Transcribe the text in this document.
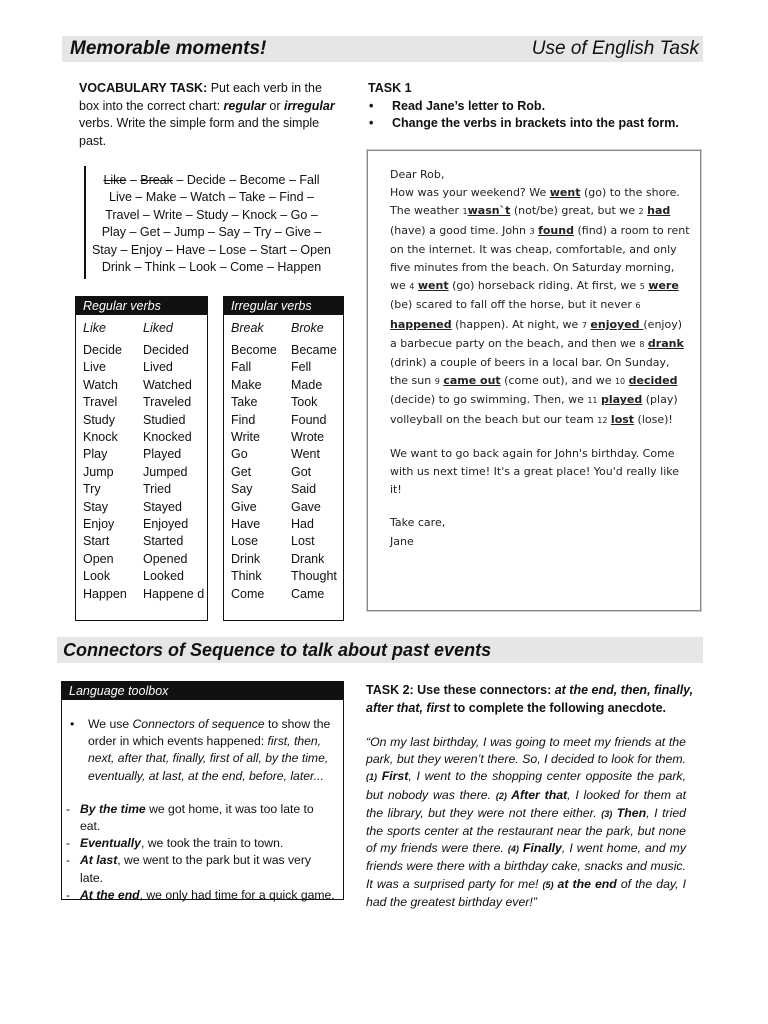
Memorable moments!	Use of English Task
VOCABULARY TASK: Put each verb in the box into the correct chart: regular or irregular verbs. Write the simple form and the simple past.
Like – Break – Decide – Become – Fall
Live – Make – Watch – Take – Find –
Travel – Write – Study – Knock – Go –
Play – Get – Jump – Say – Try – Give –
Stay – Enjoy – Have – Lose – Start – Open
Drink – Think – Look – Come – Happen
Regular verbs
Like	Liked
Decide	Decided
Live	Lived
Watch	Watched
Travel	Traveled
Study	Studied
Knock	Knocked
Play	Played
Jump	Jumped
Try	Tried
Stay	Stayed
Enjoy	Enjoyed
Start	Started
Open	Opened
Look	Looked
Happen	Happene d
Irregular verbs
Break	Broke
Become	Became
Fall	Fell
Make	Made
Take	Took
Find	Found
Write	Wrote
Go	Went
Get	Got
Say	Said
Give	Gave
Have	Had
Lose	Lost
Drink	Drank
Think	Thought
Come	Came
TASK 1
• Read Jane’s letter to Rob.
• Change the verbs in brackets into the past form.

Dear Rob,

How was your weekend? We went (go) to the shore. The weather 1wasn`t (not/be) great, but we 2 had (have) a good time. John 3 found (find) a room to rent on the internet. It was cheap, comfortable, and only five minutes from the beach. On Saturday morning, we 4 went (go) horseback riding. At first, we 5 were (be) scared to fall off the horse, but it never 6 happened (happen). At night, we 7 enjoyed (enjoy) a barbecue party on the beach, and then we 8 drank (drink) a couple of beers in a local bar. On Sunday, the sun 9 came out (come out), and we 10 decided (decide) to go swimming. Then, we 11 played (play) volleyball on the beach but our team 12 lost (lose)!

We want to go back again for John's birthday. Come with us next time! It's a great place! You'd really like it!

Take care,

Jane

Connectors of Sequence to talk about past events
Language toolbox
• We use Connectors of sequence to show the order in which events happened: first, then, next, after that, finally, first of all, by the time, eventually, at last, at the end, before, later...
- By the time we got home, it was too late to eat.
- Eventually, we took the train to town.
- At last, we went to the park but it was very late.
- At the end, we only had time for a quick game.
TASK 2: Use these connectors: at the end, then, finally, after that, first to complete the following anecdote.
“On my last birthday, I was going to meet my friends at the park, but they weren’t there. So, I decided to look for them. (1) First, I went to the shopping center opposite the park, but nobody was there. (2) After that, I looked for them at the library, but they were not there either. (3) Then, I tried the sports center at the restaurant near the park, but none of my friends were there. (4) Finally, I went home, and my friends were there with a birthday cake, snacks and music. It was a surprised party for me! (5) at the end of the day, I had the greatest birthday ever!”
